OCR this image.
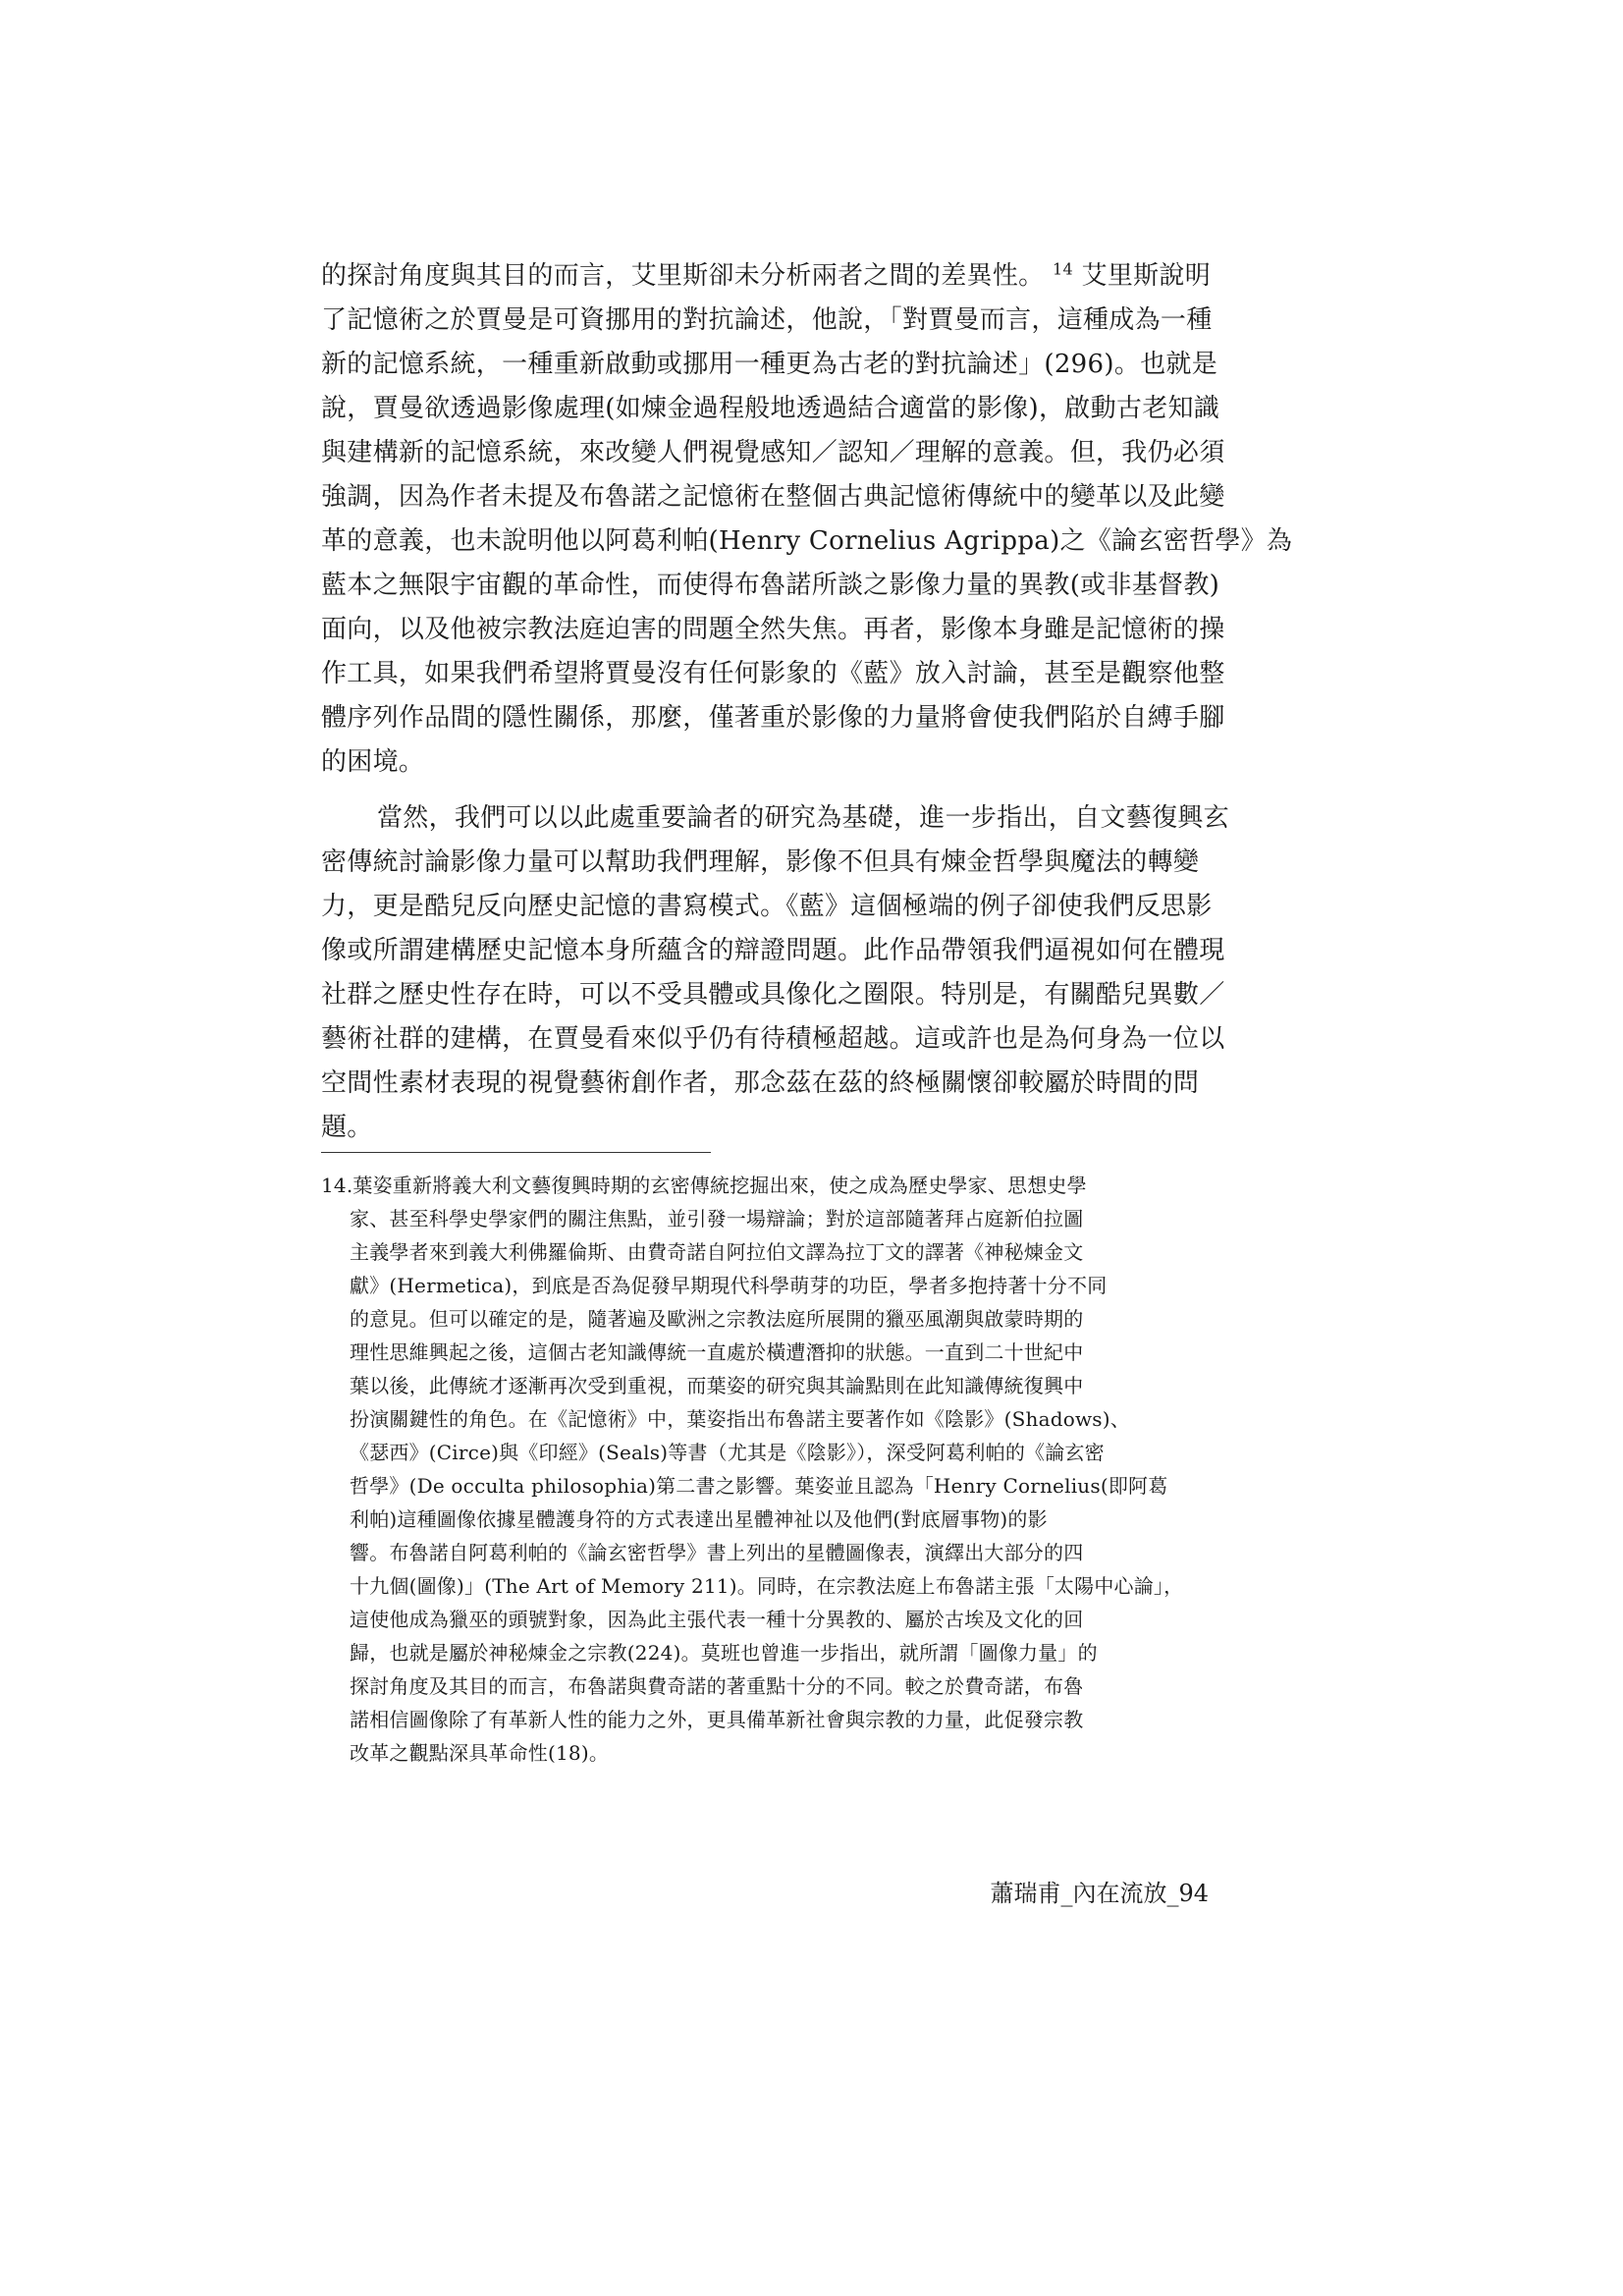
的探討角度與其目的而言，艾里斯卻未分析兩者之間的差異性。 $^{14}$ 艾里斯說明
了記憶術之於賈曼是可資挪用的對抗論述，他說，「對賈曼而言，這種成為一種
新的記憶系統，一種重新啟動或挪用一種更為古老的對抗論述」(296)。也就是
說，賈曼欲透過影像處理(如煉金過程般地透過結合適當的影像)，啟動古老知識
與建構新的記憶系統，來改變人們視覺感知／認知／理解的意義。但，我仍必須
強調，因為作者未提及布魯諾之記憶術在整個古典記憶術傳統中的變革以及此變
革的意義，也未說明他以阿葛利帕(Henry Cornelius Agrippa)之《論玄密哲學》為
藍本之無限宇宙觀的革命性，而使得布魯諾所談之影像力量的異教(或非基督教)
面向，以及他被宗教法庭迫害的問題全然失焦。再者，影像本身雖是記憶術的操
作工具，如果我們希望將賈曼沒有任何影象的《藍》放入討論，甚至是觀察他整
體序列作品間的隱性關係，那麼，僅著重於影像的力量將會使我們陷於自縛手腳
的困境。
當然，我們可以以此處重要論者的研究為基礎，進一步指出，自文藝復興玄
密傳統討論影像力量可以幫助我們理解，影像不但具有煉金哲學與魔法的轉變
力，更是酷兒反向歷史記憶的書寫模式。《藍》這個極端的例子卻使我們反思影
像或所謂建構歷史記憶本身所蘊含的辯證問題。此作品帶領我們逼視如何在體現
社群之歷史性存在時，可以不受具體或具像化之圈限。特別是，有關酷兒異數／
藝術社群的建構，在賈曼看來似乎仍有待積極超越。這或許也是為何身為一位以
空間性素材表現的視覺藝術創作者，那念茲在茲的終極關懷卻較屬於時間的問
題。
14.葉姿重新將義大利文藝復興時期的玄密傳統挖掘出來，使之成為歷史學家、思想史學
家、甚至科學史學家們的關注焦點，並引發一場辯論；對於這部隨著拜占庭新伯拉圖
主義學者來到義大利佛羅倫斯、由費奇諾自阿拉伯文譯為拉丁文的譯著《神秘煉金文
獻》(Hermetica)，到底是否為促發早期現代科學萌芽的功臣，學者多抱持著十分不同
的意見。但可以確定的是，隨著遍及歐洲之宗教法庭所展開的獵巫風潮與啟蒙時期的
理性思維興起之後，這個古老知識傳統一直處於橫遭潛抑的狀態。一直到二十世紀中
葉以後，此傳統才逐漸再次受到重視，而葉姿的研究與其論點則在此知識傳統復興中
扮演關鍵性的角色。在《記憶術》中，葉姿指出布魯諾主要著作如《陰影》(Shadows)、
《瑟西》(Circe)與《印經》(Seals)等書（尤其是《陰影》），深受阿葛利帕的《論玄密
哲學》(De occulta philosophia)第二書之影響。葉姿並且認為「Henry Cornelius(即阿葛
利帕)這種圖像依據星體護身符的方式表達出星體神祉以及他們(對底層事物)的影
響。布魯諾自阿葛利帕的《論玄密哲學》書上列出的星體圖像表，演繹出大部分的四
十九個(圖像)」(The Art of Memory 211)。同時，在宗教法庭上布魯諾主張「太陽中心論」，
這使他成為獵巫的頭號對象，因為此主張代表一種十分異教的、屬於古埃及文化的回
歸，也就是屬於神秘煉金之宗教(224)。莫班也曾進一步指出，就所謂「圖像力量」的
探討角度及其目的而言，布魯諾與費奇諾的著重點十分的不同。較之於費奇諾，布魯
諾相信圖像除了有革新人性的能力之外，更具備革新社會與宗教的力量，此促發宗教
改革之觀點深具革命性(18)。
蕭瑞甫_內在流放_94
